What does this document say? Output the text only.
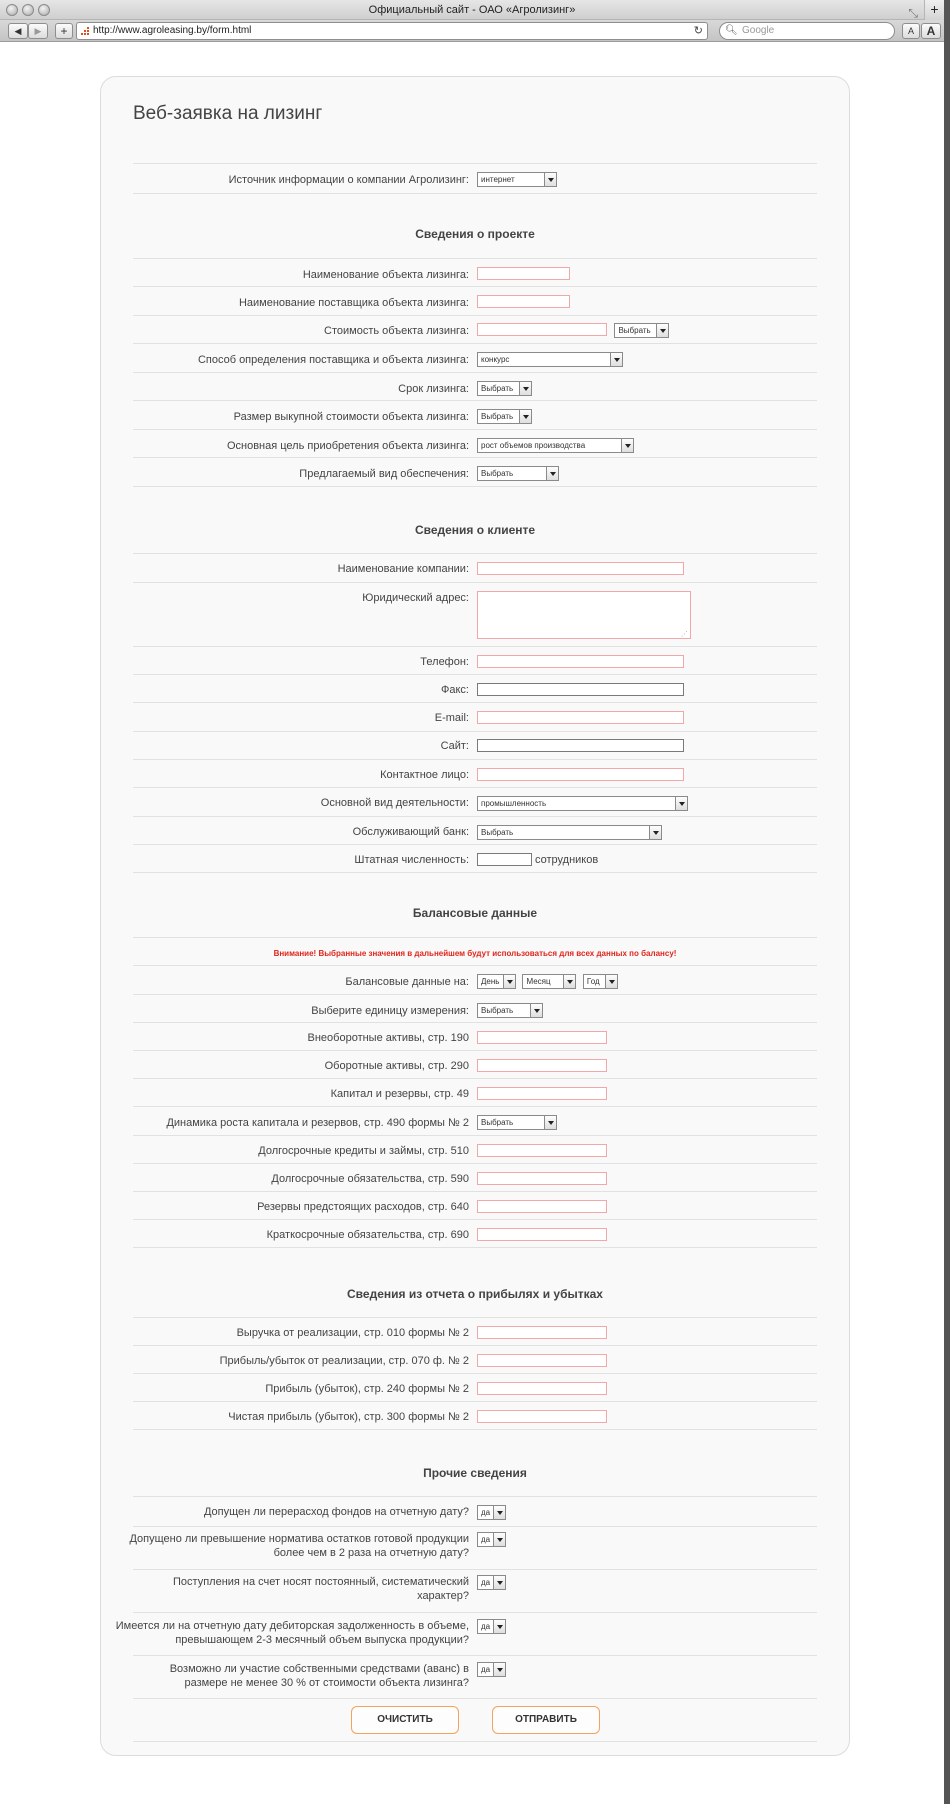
Официальный сайт - ОАО «Агролизинг»	⤡ +
◀	▶	+	http://www.agroleasing.by/form.html	↻ 🔍︎ Google	A	A
Веб-заявка на лизинг
Источник информации о компании Агролизинг:	интернет
Сведения о проекте
Наименование объекта лизинга:
Наименование поставщика объекта лизинга:
Стоимость объекта лизинга:	Выбрать
Способ определения поставщика и объекта лизинга:	конкурс
Срок лизинга:	Выбрать
Размер выкупной стоимости объекта лизинга:	Выбрать
Основная цель приобретения объекта лизинга:	рост объемов производства
Предлагаемый вид обеспечения:	Выбрать
Сведения о клиенте
Наименование компании:
Юридический адрес:
⋰
Телефон:
Факс:
E-mail:
Сайт:
Контактное лицо:
Основной вид деятельности:	промышленность
Обслуживающий банк:	Выбрать
Штатная численность:	$^{сотрудников}$
Балансовые данные
Внимание! Выбранные значения в дальнейшем будут использоваться для всех данных по балансу!
Балансовые данные на:	День	Месяц	Год
Выберите единицу измерения:	Выбрать
Внеоборотные активы, стр. 190
Оборотные активы, стр. 290
Капитал и резервы, стр. 49
Динамика роста капитала и резервов, стр. 490 формы № 2	Выбрать
Долгосрочные кредиты и займы, стр. 510
Долгосрочные обязательства, стр. 590
Резервы предстоящих расходов, стр. 640
Краткосрочные обязательства, стр. 690
Сведения из отчета о прибылях и убытках
Выручка от реализации, стр. 010 формы № 2
Прибыль/убыток от реализации, стр. 070 ф. № 2
Прибыль (убыток), стр. 240 формы № 2
Чистая прибыль (убыток), стр. 300 формы № 2
Прочие сведения
Допущен ли перерасход фондов на отчетную дату?	да
Допущено ли превышение норматива остатков готовой продукции более чем в 2 раза на отчетную дату?
да
Поступления на счет носят постоянный, систематический характер?
да
Имеется ли на отчетную дату дебиторская задолженность в объеме, превышающем 2-3 месячный объем выпуска продукции?
да
Возможно ли участие собственными средствами (аванс) в размере не менее 30 % от стоимости объекта лизинга?
да
ОЧИСТИТЬ	ОТПРАВИТЬ
